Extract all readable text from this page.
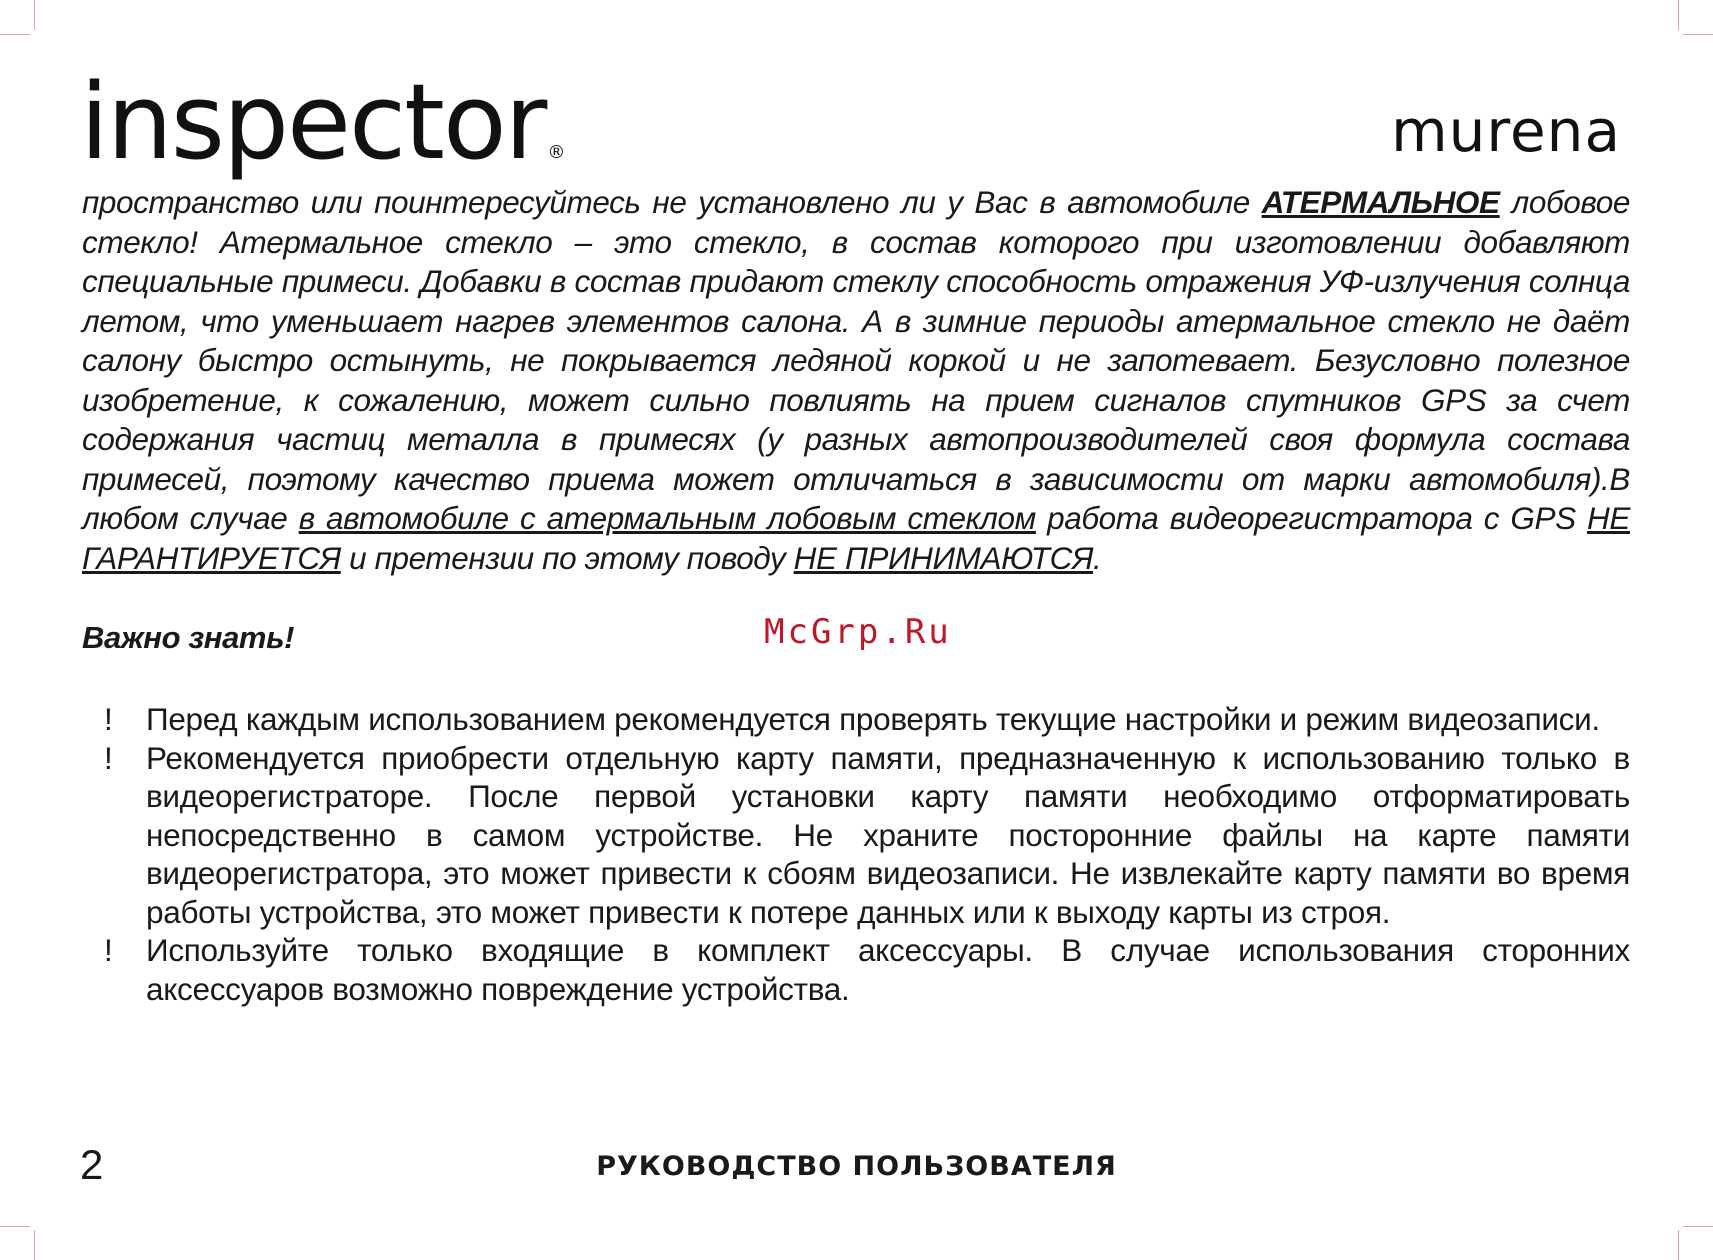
inspector ®	murena

пространство или поинтересуйтесь не установлено ли у Вас в автомобиле АТЕРМАЛЬНОЕ лобовое стекло! Атермальное стекло – это стекло, в состав которого при изготовлении добавляют специальные примеси. Добавки в состав придают стеклу способность отражения УФ-излучения солнца летом, что уменьшает нагрев элементов салона. А в зимние периоды атермальное стекло не даёт салону быстро остынуть, не покрывается ледяной коркой и не запотевает. Безусловно полезное изобретение, к сожалению, может сильно повлиять на прием сигналов спутников GPS за счет содержания частиц металла в примесях (у разных автопроизводителей своя формула состава примесей, поэтому качество приема может отличаться в зависимости от марки автомобиля).В любом случае в автомобиле с атермальным лобовым стеклом работа видеорегистратора с GPS НЕ ГАРАНТИРУЕТСЯ и претензии по этому поводу НЕ ПРИНИМАЮТСЯ.

Важно знать!	McGrp.Ru
! Перед каждым использованием рекомендуется проверять текущие настройки и режим видеозаписи.
! Рекомендуется приобрести отдельную карту памяти, предназначенную к использованию только в видеорегистраторе. После первой установки карту памяти необходимо отформатировать непосредственно в самом устройстве. Не храните посторонние файлы на карте памяти видеорегистратора, это может привести к сбоям видеозаписи. Не извлекайте карту памяти во время работы устройства, это может привести к потере данных или к выходу карты из строя.
! Используйте только входящие в комплект аксессуары. В случае использования сторонних аксессуаров возможно повреждение устройства.
2	РУКОВОДСТВО ПОЛЬЗОВАТЕЛЯ
